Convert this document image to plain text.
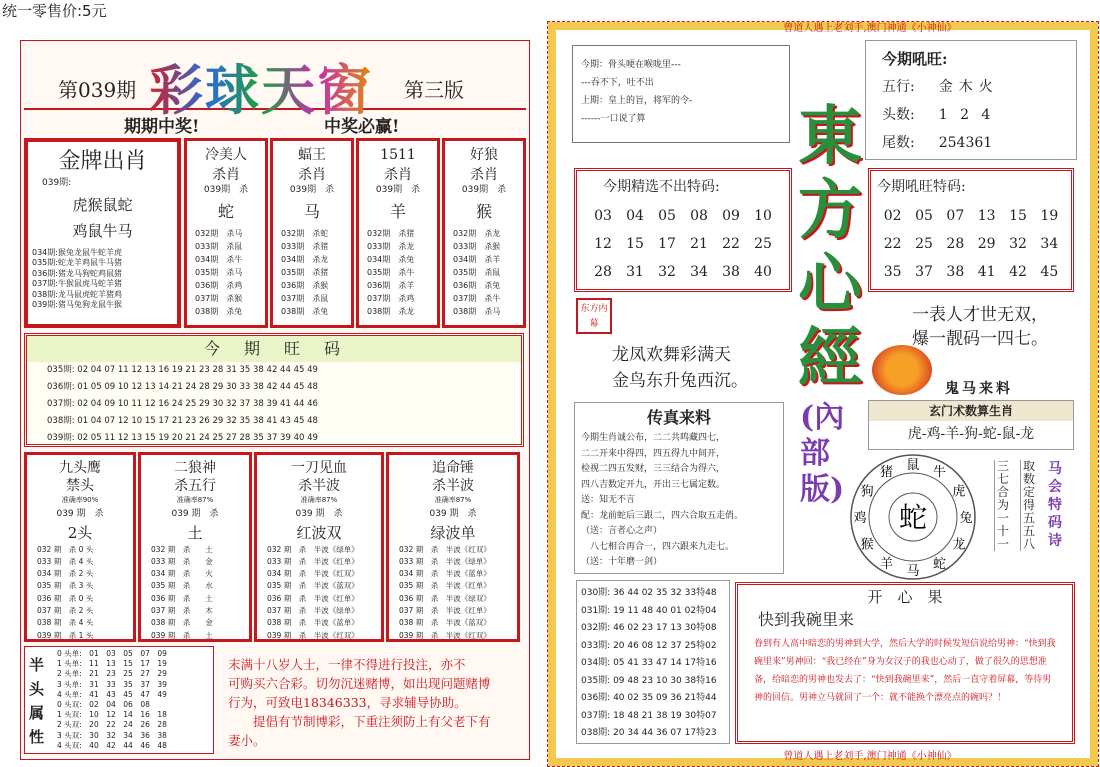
统一零售价:5元
第039期 彩球天窗 第三版
期期中奖!	中奖必赢!
金牌出肖
039期:
虎猴鼠蛇
鸡鼠牛马
034期:猴兔龙鼠牛蛇羊虎
035期:蛇龙羊鸡鼠牛马猪
036期:猪龙马狗蛇鸡鼠猪
037期:牛猴鼠虎马蛇羊猪
038期:龙马鼠虎蛇羊猪鸡
039期:猪马兔狗龙鼠牛猴
冷美人
杀肖
039期　杀
蛇
032期　杀马
033期　杀鼠
034期　杀牛
035期　杀马
036期　杀鸡
037期　杀猴
038期　杀兔
蝠王
杀肖
039期　杀
马
032期　杀蛇
033期　杀猪
034期　杀龙
035期　杀猪
036期　杀猴
037期　杀鼠
038期　杀兔
1511
杀肖
039期　杀
羊
032期　杀猪
033期　杀龙
034期　杀兔
035期　杀牛
036期　杀羊
037期　杀鸡
038期　杀龙
好狼
杀肖
039期　杀
猴
032期　杀龙
033期　杀猴
034期　杀羊
035期　杀鼠
036期　杀兔
037期　杀牛
038期　杀马
今　期　旺　码
035期: 02 04 07 11 12 13 16 19 21 23 28 31 35 38 42 44 45 49
036期: 01 05 09 10 12 13 14 21 24 28 29 30 33 38 42 44 45 48
037期: 02 04 09 10 11 12 16 24 25 29 30 32 37 38 39 41 44 46
038期: 01 04 07 12 10 15 17 21 23 26 29 32 35 38 41 43 45 48
039期: 02 05 11 12 13 15 19 20 21 24 25 27 28 35 37 39 40 49
九头鹰
禁头
准确率90%
039 期　杀
2头
032 期　杀 0 头
033 期　杀 4 头
034 期　杀 2 头
035 期　杀 3 头
036 期　杀 0 头
037 期　杀 2 头
038 期　杀 4 头
039 期　杀 1 头
二狼神
杀五行
准确率87%
039 期　杀
土
032 期　杀　　土
033 期　杀　　金
034 期　杀　　火
035 期　杀　　水
036 期　杀　　土
037 期　杀　　木
038 期　杀　　金
039 期　杀　　土
一刀见血
杀半波
准确率87%
039 期　杀
红波双
032 期　杀　半波《绿单》
033 期　杀　半波《红单》
034 期　杀　半波《红双》
035 期　杀　半波《蓝双》
036 期　杀　半波《红单》
037 期　杀　半波《绿单》
038 期　杀　半波《蓝单》
039 期　杀　半波《红双》
追命锤
杀半波
准确率87%
039 期　杀
绿波单
032 期　杀　半波《红双》
033 期　杀　半波《绿单》
034 期　杀　半波《蓝单》
035 期　杀　半波《红单》
036 期　杀　半波《绿双》
037 期　杀　半波《红单》
038 期　杀　半波《蓝双》
039 期　杀　半波《红双》
半头属性
0 头单:　01　03　05　07　09
1 头单:　11　13　15　17　19
2 头单:　21　23　25　27　29
3 头单:　31　33　35　37　39
4 头单:　41　43　45　47　49
0 头双:　02　04　06　08
1 头双:　10　12　14　16　18
2 头双:　20　22　24　26　28
3 头双:　30　32　34　36　38
4 头双:　40　42　44　46　48
末满十八岁人士，一律不得进行投注，亦不
可购买六合彩。切勿沉迷赌博，如出现问题赌博
行为，可致电18346333，寻求辅导协助。
　　提倡有节制博彩，下重注须防上有父老下有
妻小。
曾道人遇上老刘手,澳门神通《小神仙》
曾道人遇上老刘手,澳门神通《小神仙》
今期：骨头哽在喉咙里---
---吞不下，吐不出
上期：皇上的旨，将军的令-
------一口说了算	東方心經
(內部版)
今期吼旺:
五行: 金木火
头数: 1 2 4
尾数: 254361
今期精选不出特码:
03	04	05	08	09	10
12	15	17	21	22	25
28	31	32	34	38	40
今期吼旺特码:
02 05 07 13 15 19
22 25 28 29 32 34
35 37 38 41 42 45
东方内幕
龙凤欢舞彩满天
金鸟东升兔西沉。
一表人才世无双，
爆一靓码一四七。
鬼马来料
玄门术数算生肖
虎-鸡-羊-狗-蛇-鼠-龙
传真来料
今期生肖诚公布，二二共鸣藏四七，
二二开来中得四，四五得九中间开，
检视二四五发财，三三结合为得六，
四八吉数定开九，开出三七属定数。
送：知无不言
配：龙前蛇后三跟二，四六合取五走俏。
（送：言者心之声）
　八七相合再合一，四六跟来九走七。
（送：十年磨一剑）
鼠 牛
虎
兔
龙
蛇
马
羊
猴
鸡
狗
猪
蛇
三七合为一十一
取数定得五五八
马会特码诗
030期: 36 44 02 35 32 33特48
031期: 19 11 48 40 01 02特04
032期: 46 02 23 17 13 30特08
033期: 20 46 08 12 37 25特02
034期: 05 41 33 47 14 17特16
035期: 09 48 23 10 30 38特16
036期: 40 02 35 09 36 21特44
037期: 18 48 21 38 19 30特07
038期: 20 34 44 36 07 17特23
开　心　果
快到我碗里来
眷到有人高中暗恋的男神到大学，然后大学的时候发短信说给男神：“快到我碗里来”男神回：“我已经在”身为女汉子的我也心动了，做了很久的思想准备，给暗恋的男神也发去了：“快到我碗里来”，然后一直守着屏幕，等待男神的回信。男神立马就回了一个：就不能换个漂亮点的碗吗？！
